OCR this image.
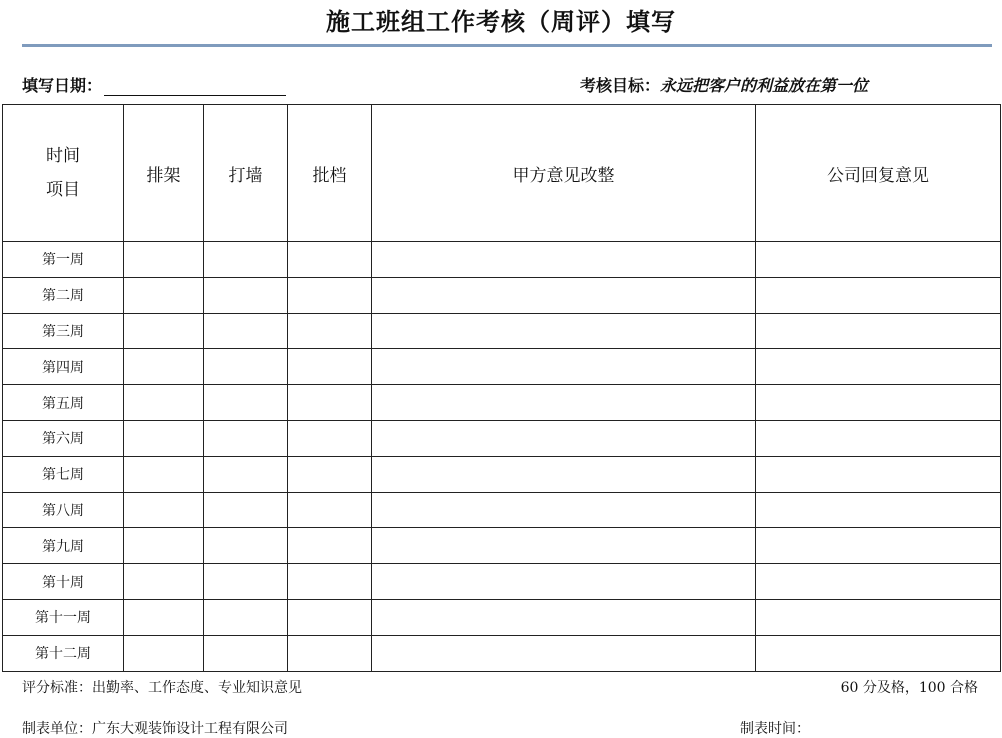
施工班组工作考核（周评）填写
填写日期：	考核目标：永远把客户的利益放在第一位
时间
项目	排架	打墙	批档	甲方意见改整	公司回复意见
第一周					
第二周					
第三周					
第四周					
第五周					
第六周					
第七周					
第八周					
第九周					
第十周					
第十一周					
第十二周					
评分标准：出勤率、工作态度、专业知识意见	60 分及格，100 合格
制表单位：广东大观装饰设计工程有限公司	制表时间：
